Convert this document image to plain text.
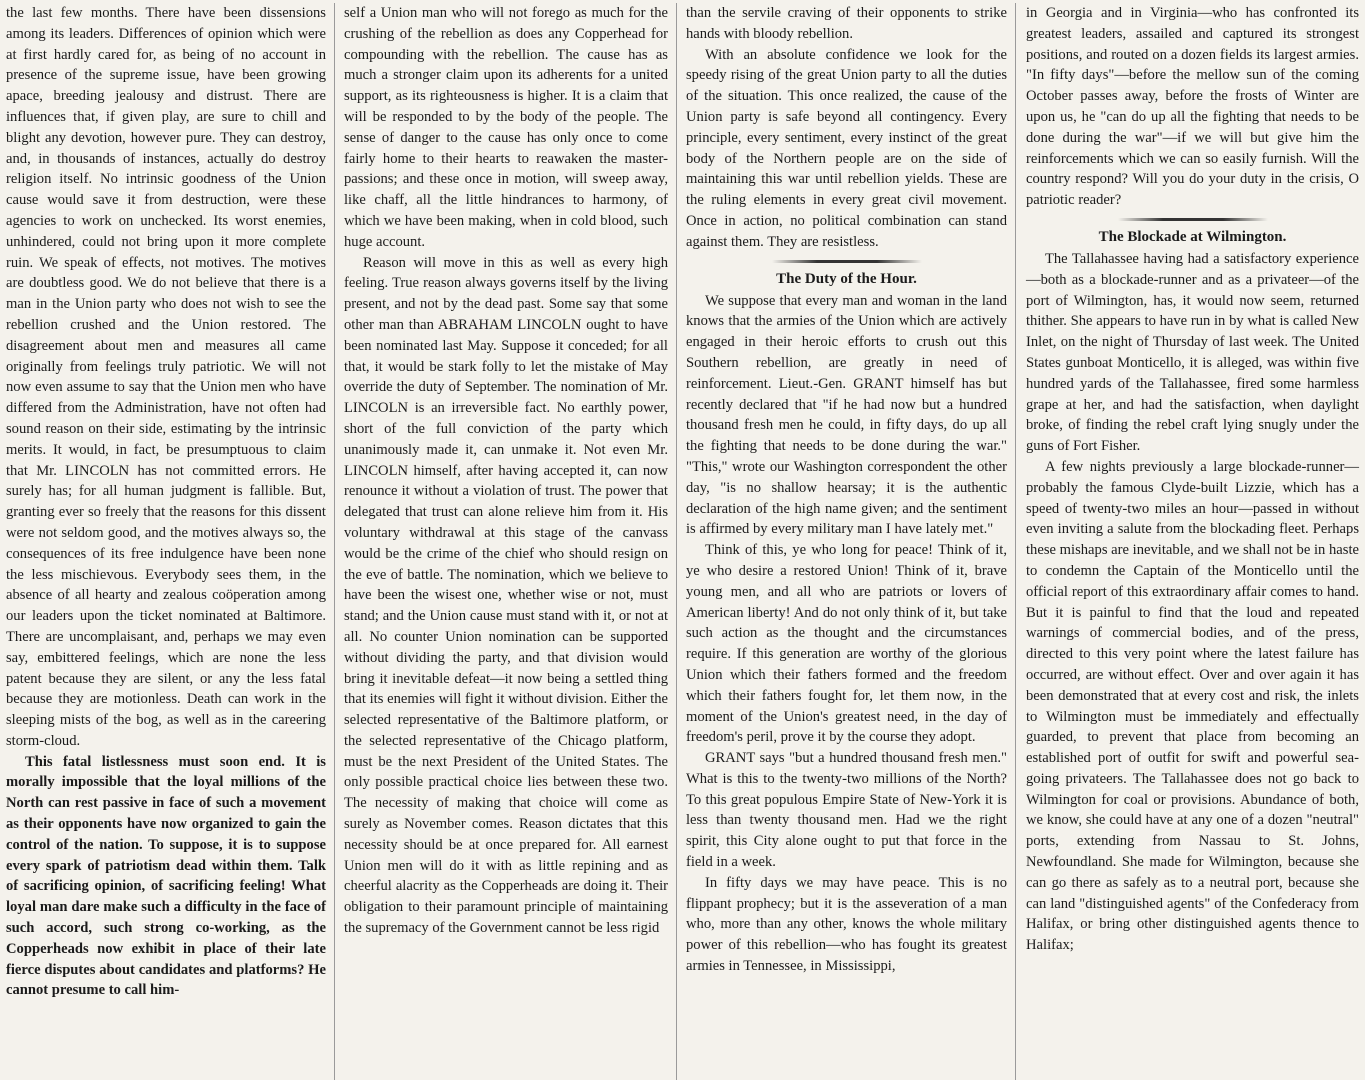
the last few months. There have been dissensions among its leaders. Differences of opinion which were at first hardly cared for, as being of no account in presence of the supreme issue, have been growing apace, breeding jealousy and distrust. There are influences that, if given play, are sure to chill and blight any devotion, however pure. They can destroy, and, in thousands of instances, actually do destroy religion itself. No intrinsic goodness of the Union cause would save it from destruction, were these agencies to work on unchecked. Its worst enemies, unhindered, could not bring upon it more complete ruin. We speak of effects, not motives. The motives are doubtless good. We do not believe that there is a man in the Union party who does not wish to see the rebellion crushed and the Union restored. The disagreement about men and measures all came originally from feelings truly patriotic. We will not now even assume to say that the Union men who have differed from the Administration, have not often had sound reason on their side, estimating by the intrinsic merits. It would, in fact, be presumptuous to claim that Mr. LINCOLN has not committed errors. He surely has; for all human judgment is fallible. But, granting ever so freely that the reasons for this dissent were not seldom good, and the motives always so, the consequences of its free indulgence have been none the less mischievous. Everybody sees them, in the absence of all hearty and zealous coöperation among our leaders upon the ticket nominated at Baltimore. There are uncomplaisant, and, perhaps we may even say, embittered feelings, which are none the less patent because they are silent, or any the less fatal because they are motionless. Death can work in the sleeping mists of the bog, as well as in the careering storm-cloud.

This fatal listlessness must soon end. It is morally impossible that the loyal millions of the North can rest passive in face of such a movement as their opponents have now organized to gain the control of the nation. To suppose, it is to suppose every spark of patriotism dead within them. Talk of sacrificing opinion, of sacrificing feeling! What loyal man dare make such a difficulty in the face of such accord, such strong co-working, as the Copperheads now exhibit in place of their late fierce disputes about candidates and platforms? He cannot presume to call him-

self a Union man who will not forego as much for the crushing of the rebellion as does any Copperhead for compounding with the rebellion. The cause has as much a stronger claim upon its adherents for a united support, as its righteousness is higher. It is a claim that will be responded to by the body of the people. The sense of danger to the cause has only once to come fairly home to their hearts to reawaken the master-passions; and these once in motion, will sweep away, like chaff, all the little hindrances to harmony, of which we have been making, when in cold blood, such huge account.

Reason will move in this as well as every high feeling. True reason always governs itself by the living present, and not by the dead past. Some say that some other man than ABRAHAM LINCOLN ought to have been nominated last May. Suppose it conceded; for all that, it would be stark folly to let the mistake of May override the duty of September. The nomination of Mr. LINCOLN is an irreversible fact. No earthly power, short of the full conviction of the party which unanimously made it, can unmake it. Not even Mr. LINCOLN himself, after having accepted it, can now renounce it without a violation of trust. The power that delegated that trust can alone relieve him from it. His voluntary withdrawal at this stage of the canvass would be the crime of the chief who should resign on the eve of battle. The nomination, which we believe to have been the wisest one, whether wise or not, must stand; and the Union cause must stand with it, or not at all. No counter Union nomination can be supported without dividing the party, and that division would bring it inevitable defeat—it now being a settled thing that its enemies will fight it without division. Either the selected representative of the Baltimore platform, or the selected representative of the Chicago platform, must be the next President of the United States. The only possible practical choice lies between these two. The necessity of making that choice will come as surely as November comes. Reason dictates that this necessity should be at once prepared for. All earnest Union men will do it with as little repining and as cheerful alacrity as the Copperheads are doing it. Their obligation to their paramount principle of maintaining the supremacy of the Government cannot be less rigid

than the servile craving of their opponents to strike hands with bloody rebellion.

With an absolute confidence we look for the speedy rising of the great Union party to all the duties of the situation. This once realized, the cause of the Union party is safe beyond all contingency. Every principle, every sentiment, every instinct of the great body of the Northern people are on the side of maintaining this war until rebellion yields. These are the ruling elements in every great civil movement. Once in action, no political combination can stand against them. They are resistless.

The Duty of the Hour.

We suppose that every man and woman in the land knows that the armies of the Union which are actively engaged in their heroic efforts to crush out this Southern rebellion, are greatly in need of reinforcement. Lieut.-Gen. GRANT himself has but recently declared that "if he had now but a hundred thousand fresh men he could, in fifty days, do up all the fighting that needs to be done during the war." "This," wrote our Washington correspondent the other day, "is no shallow hearsay; it is the authentic declaration of the high name given; and the sentiment is affirmed by every military man I have lately met."

Think of this, ye who long for peace! Think of it, ye who desire a restored Union! Think of it, brave young men, and all who are patriots or lovers of American liberty! And do not only think of it, but take such action as the thought and the circumstances require. If this generation are worthy of the glorious Union which their fathers formed and the freedom which their fathers fought for, let them now, in the moment of the Union's greatest need, in the day of freedom's peril, prove it by the course they adopt.

GRANT says "but a hundred thousand fresh men." What is this to the twenty-two millions of the North? To this great populous Empire State of New-York it is less than twenty thousand men. Had we the right spirit, this City alone ought to put that force in the field in a week.

In fifty days we may have peace. This is no flippant prophecy; but it is the asseveration of a man who, more than any other, knows the whole military power of this rebellion—who has fought its greatest armies in Tennessee, in Mississippi,

in Georgia and in Virginia—who has confronted its greatest leaders, assailed and captured its strongest positions, and routed on a dozen fields its largest armies. "In fifty days"—before the mellow sun of the coming October passes away, before the frosts of Winter are upon us, he "can do up all the fighting that needs to be done during the war"—if we will but give him the reinforcements which we can so easily furnish. Will the country respond? Will you do your duty in the crisis, O patriotic reader?

The Blockade at Wilmington.

The Tallahassee having had a satisfactory experience—both as a blockade-runner and as a privateer—of the port of Wilmington, has, it would now seem, returned thither. She appears to have run in by what is called New Inlet, on the night of Thursday of last week. The United States gunboat Monticello, it is alleged, was within five hundred yards of the Tallahassee, fired some harmless grape at her, and had the satisfaction, when daylight broke, of finding the rebel craft lying snugly under the guns of Fort Fisher.

A few nights previously a large blockade-runner—probably the famous Clyde-built Lizzie, which has a speed of twenty-two miles an hour—passed in without even inviting a salute from the blockading fleet. Perhaps these mishaps are inevitable, and we shall not be in haste to condemn the Captain of the Monticello until the official report of this extraordinary affair comes to hand. But it is painful to find that the loud and repeated warnings of commercial bodies, and of the press, directed to this very point where the latest failure has occurred, are without effect. Over and over again it has been demonstrated that at every cost and risk, the inlets to Wilmington must be immediately and effectually guarded, to prevent that place from becoming an established port of outfit for swift and powerful sea-going privateers. The Tallahassee does not go back to Wilmington for coal or provisions. Abundance of both, we know, she could have at any one of a dozen "neutral" ports, extending from Nassau to St. Johns, Newfoundland. She made for Wilmington, because she can go there as safely as to a neutral port, because she can land "distinguished agents" of the Confederacy from Halifax, or bring other distinguished agents thence to Halifax;
